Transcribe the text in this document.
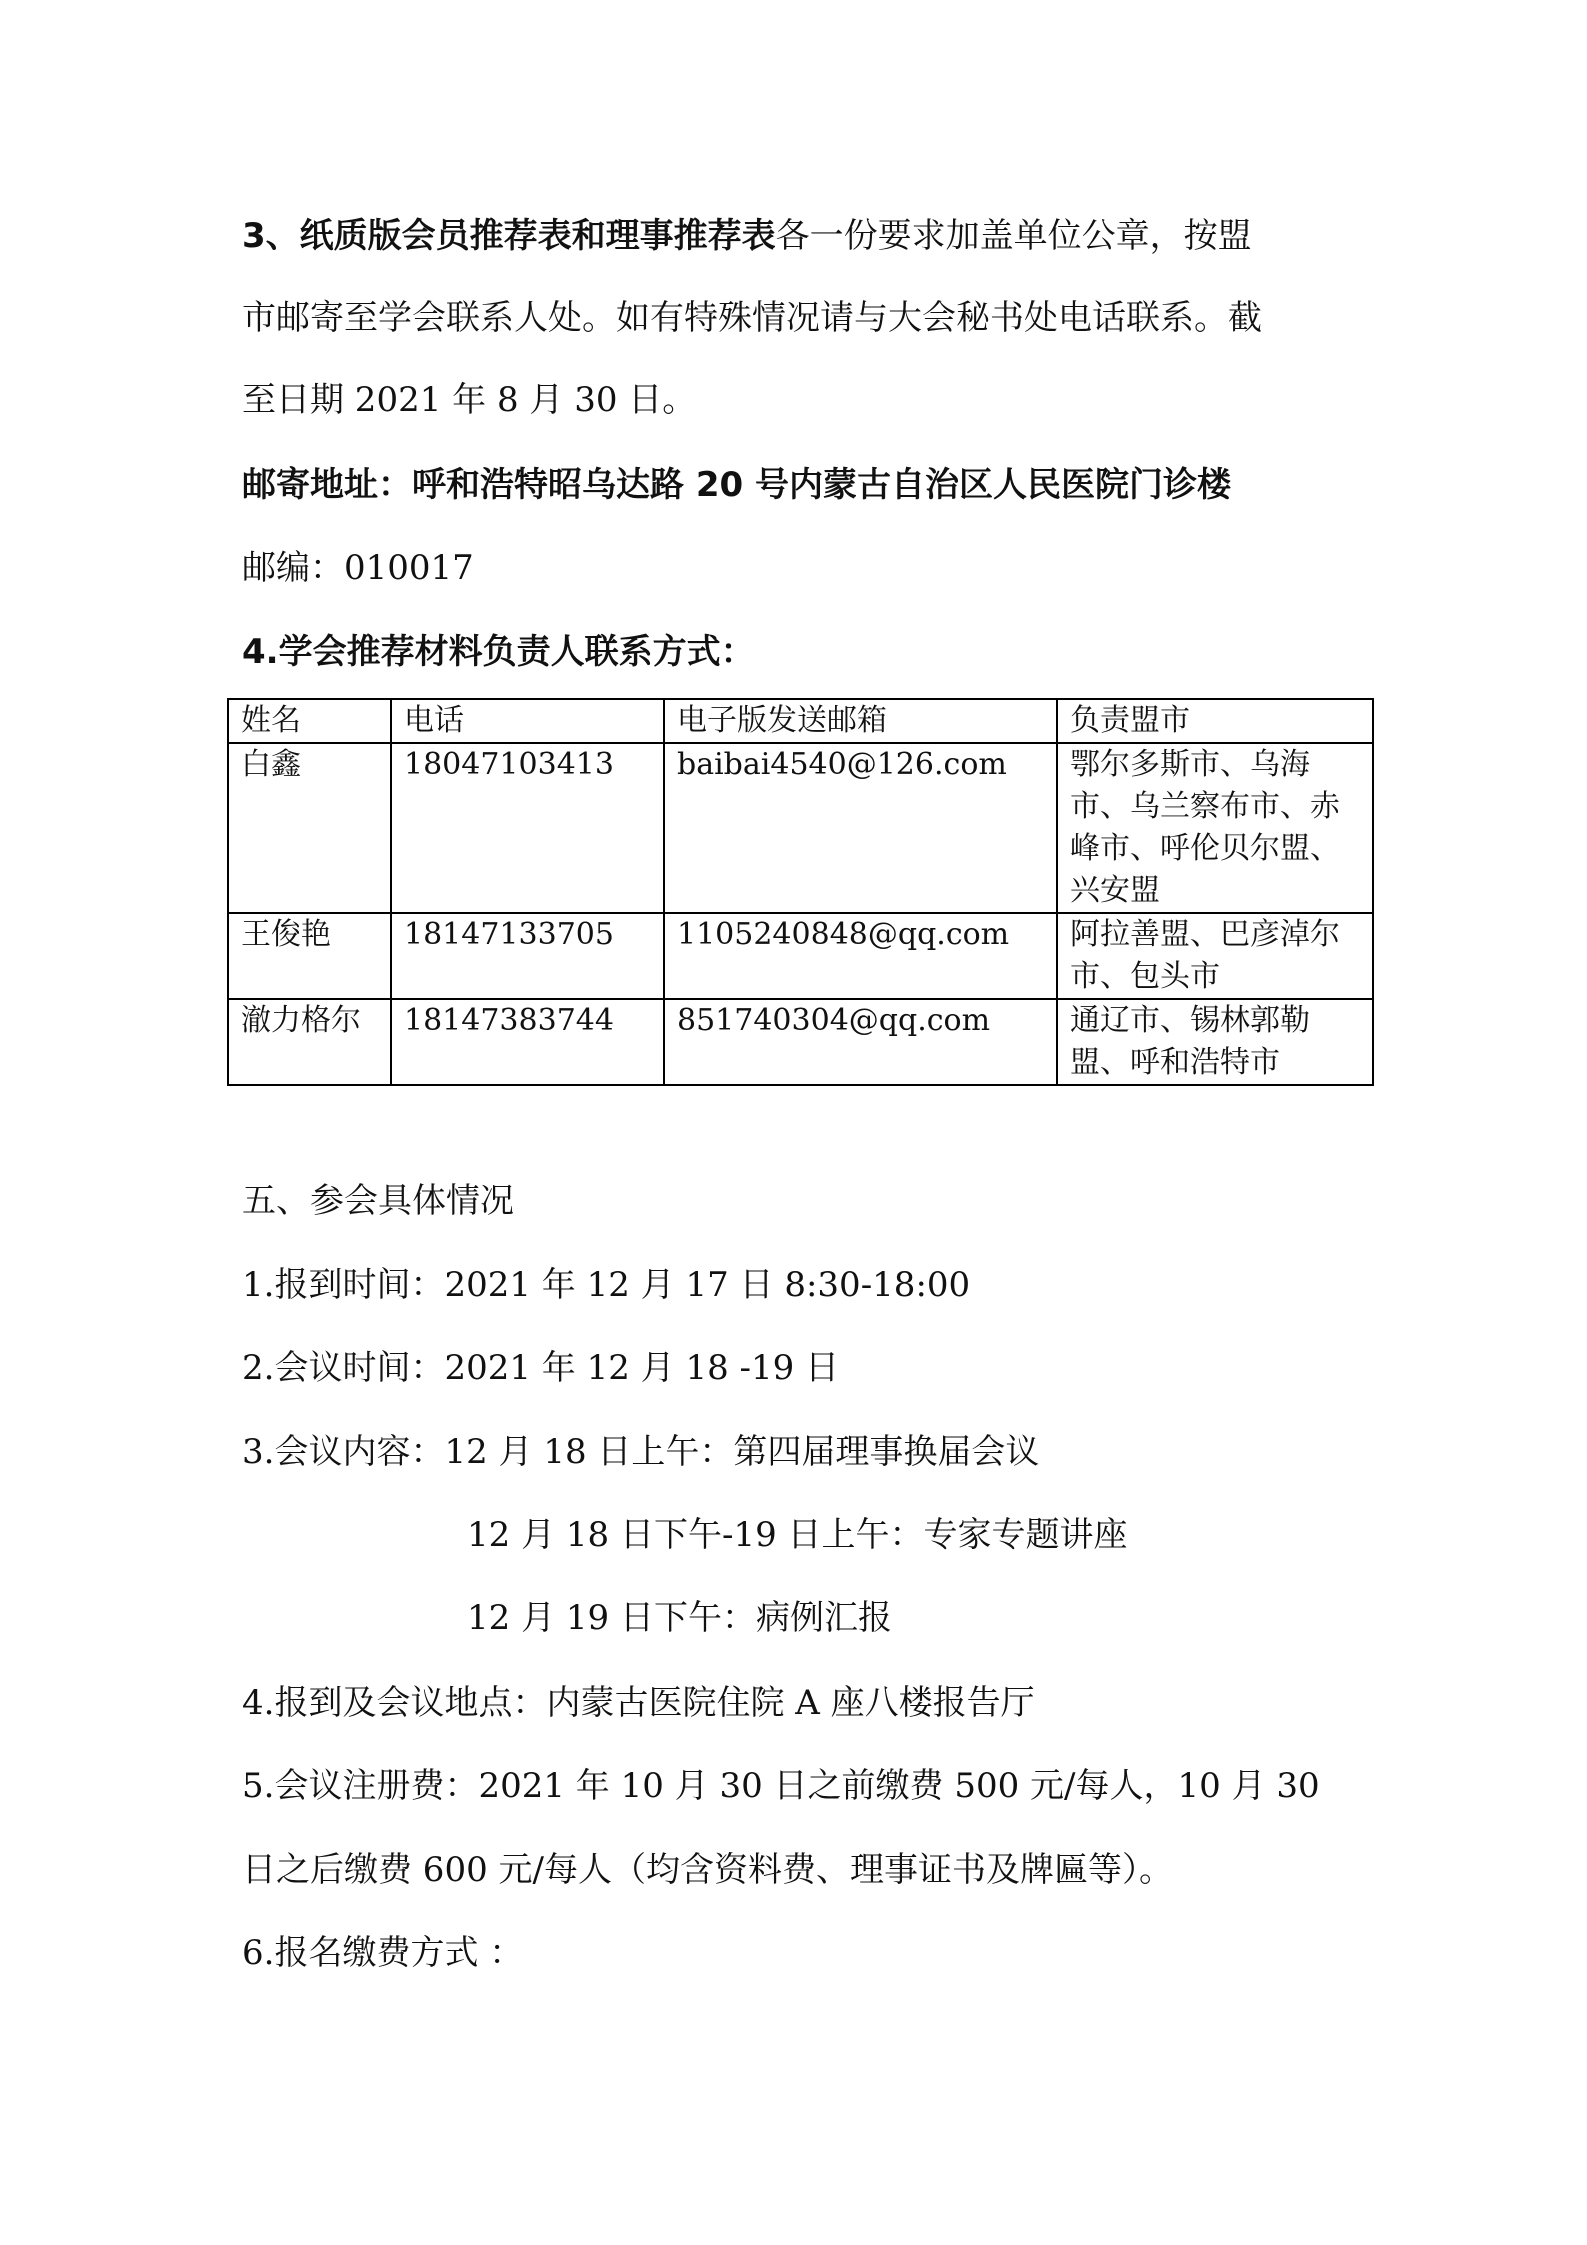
3、纸质版会员推荐表和理事推荐表各一份要求加盖单位公章，按盟
市邮寄至学会联系人处。如有特殊情况请与大会秘书处电话联系。截
至日期 2021 年 8 月 30 日。
邮寄地址：呼和浩特昭乌达路 20 号内蒙古自治区人民医院门诊楼
邮编：010017
4.学会推荐材料负责人联系方式：
姓名	电话	电子版发送邮箱	负责盟市
白鑫	18047103413	baibai4540@126.com	鄂尔多斯市、乌海
市、乌兰察布市、赤
峰市、呼伦贝尔盟、
兴安盟

王俊艳	18147133705	1105240848@qq.com	阿拉善盟、巴彦淖尔
市、包头市

澈力格尔	18147383744	851740304@qq.com	通辽市、锡林郭勒
盟、呼和浩特市
五、参会具体情况
1.报到时间：2021 年 12 月 17 日 8:30-18:00
2.会议时间：2021 年 12 月 18 -19 日
3.会议内容：12 月 18 日上午：第四届理事换届会议
12 月 18 日下午-19 日上午：专家专题讲座
12 月 19 日下午：病例汇报
4.报到及会议地点：内蒙古医院住院 A 座八楼报告厅
5.会议注册费：2021 年 10 月 30 日之前缴费 500 元/每人，10 月 30
日之后缴费 600 元/每人（均含资料费、理事证书及牌匾等）。
6.报名缴费方式 ：
